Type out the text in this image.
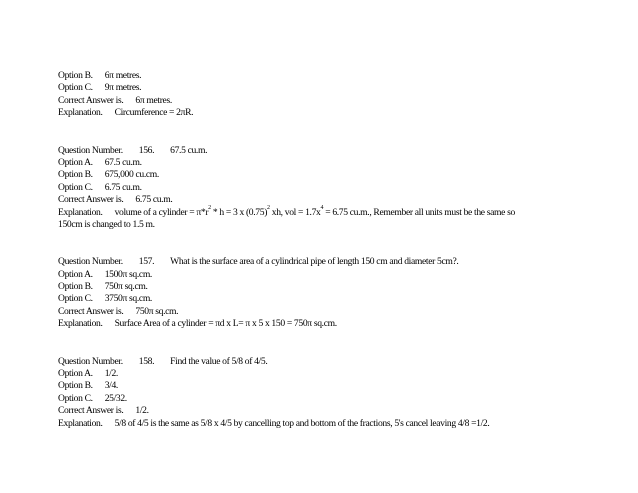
Option B. 6π metres.
Option C. 9π metres.
Correct Answer is. 6π metres.
Explanation. Circumference = 2πR.
Question Number. 156. 67.5 cu.m.
Option A. 67.5 cu.m.
Option B. 675,000 cu.cm.
Option C. 6.75 cu.m.
Correct Answer is. 6.75 cu.m.
Explanation. volume of a cylinder = $\pi*r^2 * h = 3$ x $(0.75)^2$ xh, vol = $1.7x^4 = 6.75$ cu.m., Remember all units must be the same so
150cm is changed to 1.5 m.
Question Number. 157. What is the surface area of a cylindrical pipe of length 150 cm and diameter 5cm?.
Option A. 1500π sq.cm.
Option B. 750π sq.cm.
Option C. 3750π sq.cm.
Correct Answer is. 750π sq.cm.
Explanation. Surface Area of a cylinder = πd x L= π x 5 x 150 = 750π sq.cm.
Question Number. 158. Find the value of 5/8 of 4/5.
Option A. 1/2.
Option B. 3/4.
Option C. 25/32.
Correct Answer is. 1/2.
Explanation. 5/8 of 4/5 is the same as 5/8 x 4/5 by cancelling top and bottom of the fractions, 5's cancel leaving 4/8 =1/2.
